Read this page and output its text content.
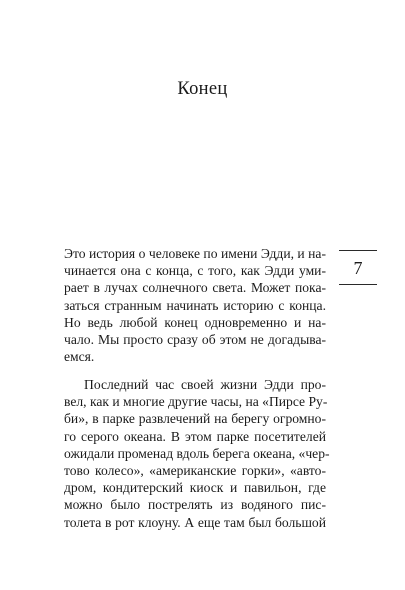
Конец
7
Это история о человеке по имени Эдди, и на-
чинается она с конца, с того, как Эдди уми-
рает в лучах солнечного света. Может пока-
заться странным начинать историю с конца.
Но ведь любой конец одновременно и на-
чало. Мы просто сразу об этом не догадыва-
емся.
Последний час своей жизни Эдди про-
вел, как и многие другие часы, на «Пирсе Ру-
би», в парке развлечений на берегу огромно-
го серого океана. В этом парке посетителей
ожидали променад вдоль берега океана, «чер-
тово колесо», «американские горки», «авто-
дром, кондитерский киоск и павильон, где
можно было пострелять из водяного пис-
толета в рот клоуну. А еще там был большой
